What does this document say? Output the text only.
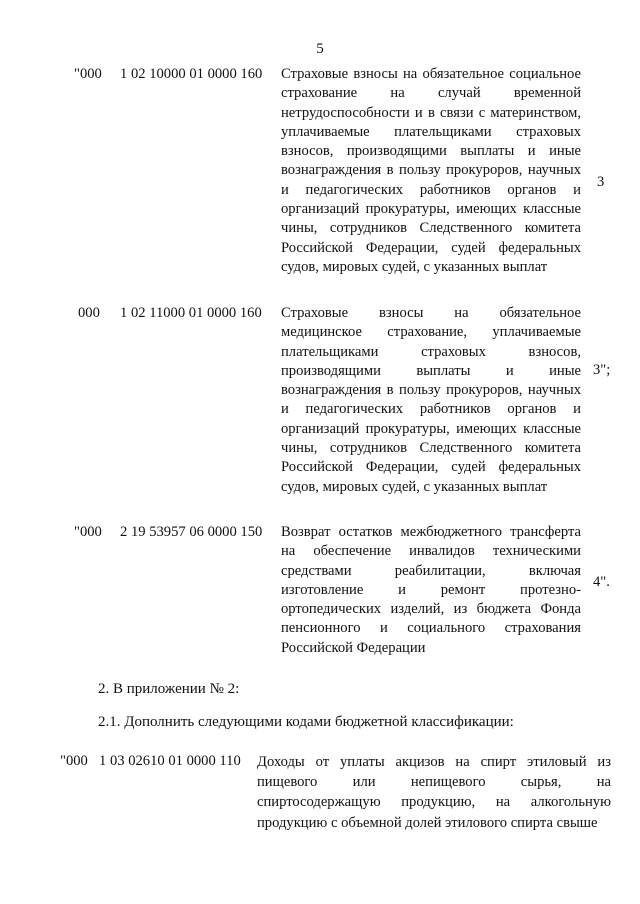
5
"000 1 02 10000 01 0000 160 Страховые взносы на обязательное социальное страхование на случай временной нетрудоспособности и в связи с материнством, уплачиваемые плательщиками страховых взносов, производящими выплаты и иные вознаграждения в пользу прокуроров, научных и педагогических работников органов и организаций прокуратуры, имеющих классные чины, сотрудников Следственного комитета Российской Федерации, судей федеральных судов, мировых судей, с указанных выплат
3
000 1 02 11000 01 0000 160 Страховые взносы на обязательное медицинское страхование, уплачиваемые плательщиками страховых взносов, производящими выплаты и иные вознаграждения в пользу прокуроров, научных и педагогических работников органов и организаций прокуратуры, имеющих классные чины, сотрудников Следственного комитета Российской Федерации, судей федеральных судов, мировых судей, с указанных выплат
3";
"000 2 19 53957 06 0000 150 Возврат остатков межбюджетного трансферта на обеспечение инвалидов техническими средствами реабилитации, включая изготовление и ремонт протезно-ортопедических изделий, из бюджета Фонда пенсионного и социального страхования Российской Федерации
4".
2. В приложении № 2:
2.1. Дополнить следующими кодами бюджетной классификации:
"000 1 03 02610 01 0000 110 Доходы от уплаты акцизов на спирт этиловый из пищевого или непищевого сырья, на спиртосодержащую продукцию, на алкогольную продукцию с объемной долей этилового спирта свыше
